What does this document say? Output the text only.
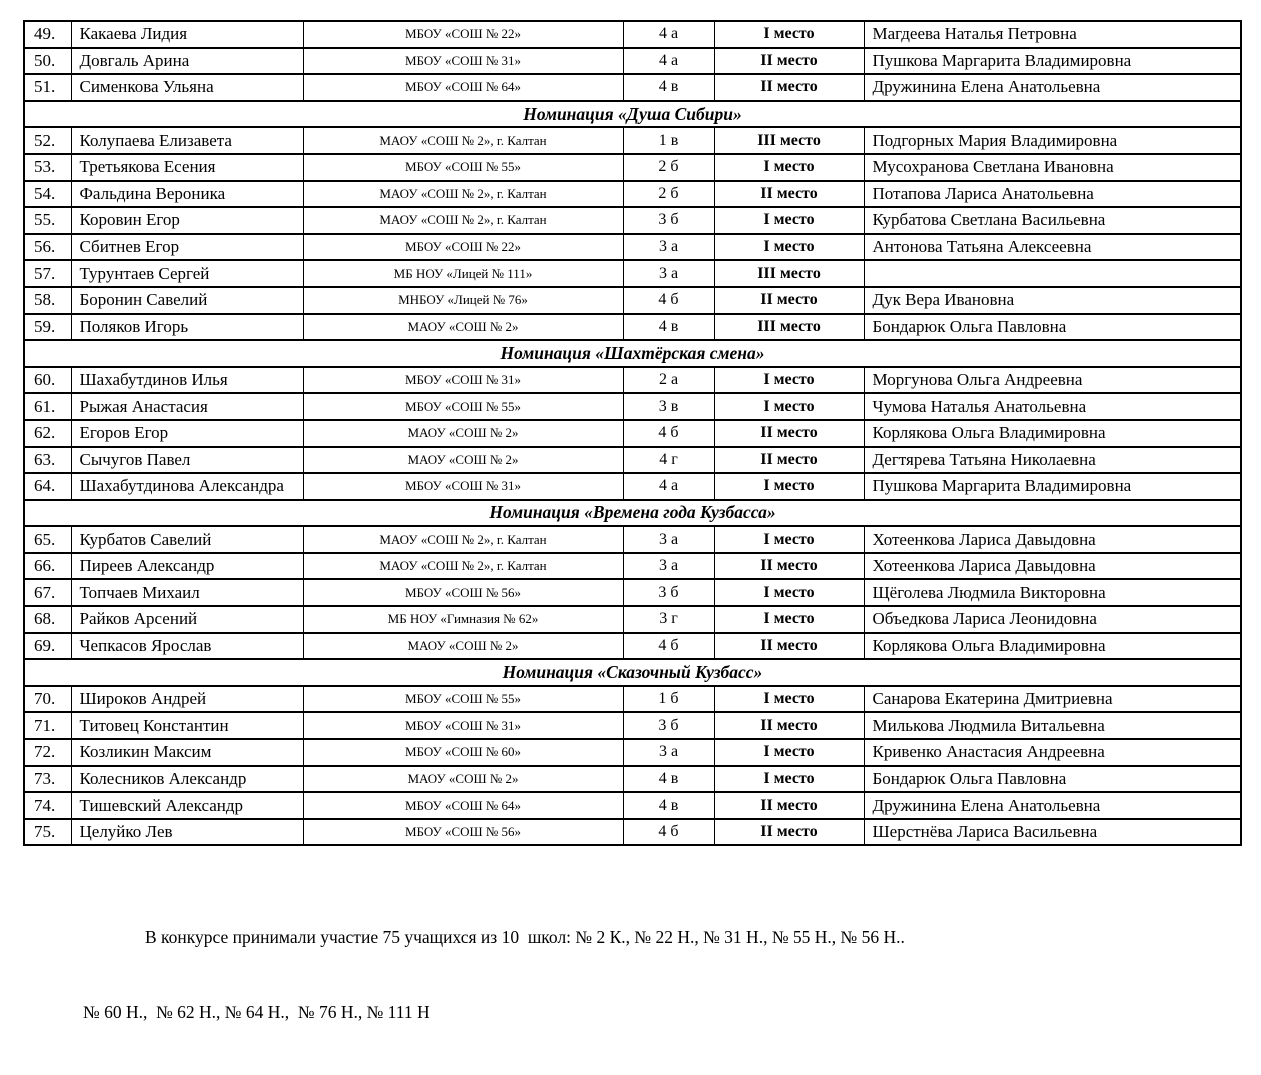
49.	Какаева Лидия	МБОУ «СОШ № 22»	4 а	I место	Магдеева Наталья Петровна
50.	Довгаль Арина	МБОУ «СОШ № 31»	4 а	II место	Пушкова Маргарита Владимировна
51.	Сименкова Ульяна	МБОУ «СОШ № 64»	4 в	II место	Дружинина Елена Анатольевна
Номинация «Душа Сибири»					
52.	Колупаева Елизавета	МАОУ «СОШ № 2», г. Калтан	1 в	III место	Подгорных Мария Владимировна
53.	Третьякова Есения	МБОУ «СОШ № 55»	2 б	I место	Мусохранова Светлана Ивановна
54.	Фальдина Вероника	МАОУ «СОШ № 2», г. Калтан	2 б	II место	Потапова Лариса Анатольевна
55.	Коровин Егор	МАОУ «СОШ № 2», г. Калтан	3 б	I место	Курбатова Светлана Васильевна
56.	Сбитнев Егор	МБОУ «СОШ № 22»	3 а	I место	Антонова Татьяна Алексеевна
57.	Турунтаев Сергей	МБ НОУ «Лицей № 111»	3 а	III место	
58.	Боронин Савелий	МНБОУ «Лицей № 76»	4 б	II место	Дук Вера Ивановна
59.	Поляков Игорь	МАОУ «СОШ № 2»	4 в	III место	Бондарюк Ольга Павловна
Номинация «Шахтёрская смена»					
60.	Шахабутдинов Илья	МБОУ «СОШ № 31»	2 а	I место	Моргунова Ольга Андреевна
61.	Рыжая Анастасия	МБОУ «СОШ № 55»	3 в	I место	Чумова Наталья Анатольевна
62.	Егоров Егор	МАОУ «СОШ № 2»	4 б	II место	Корлякова Ольга Владимировна
63.	Сычугов Павел	МАОУ «СОШ № 2»	4 г	II место	Дегтярева Татьяна Николаевна
64.	Шахабутдинова Александра	МБОУ «СОШ № 31»	4 а	I место	Пушкова Маргарита Владимировна
Номинация «Времена года Кузбасса»					
65.	Курбатов Савелий	МАОУ «СОШ № 2», г. Калтан	3 а	I место	Хотеенкова Лариса Давыдовна
66.	Пиреев Александр	МАОУ «СОШ № 2», г. Калтан	3 а	II место	Хотеенкова Лариса Давыдовна
67.	Топчаев Михаил	МБОУ «СОШ № 56»	3 б	I место	Щёголева Людмила Викторовна
68.	Райков Арсений	МБ НОУ «Гимназия № 62»	3 г	I место	Объедкова Лариса Леонидовна
69.	Чепкасов Ярослав	МАОУ «СОШ № 2»	4 б	II место	Корлякова Ольга Владимировна
Номинация «Сказочный Кузбасс»					
70.	Широков Андрей	МБОУ «СОШ № 55»	1 б	I место	Санарова Екатерина Дмитриевна
71.	Титовец Константин	МБОУ «СОШ № 31»	3 б	II место	Милькова Людмила Витальевна
72.	Козликин Максим	МБОУ «СОШ № 60»	3 а	I место	Кривенко Анастасия Андреевна
73.	Колесников Александр	МАОУ «СОШ № 2»	4 в	I место	Бондарюк Ольга Павловна
74.	Тишевский Александр	МБОУ «СОШ № 64»	4 в	II место	Дружинина Елена Анатольевна
75.	Целуйко Лев	МБОУ «СОШ № 56»	4 б	II место	Шерстнёва Лариса Васильевна

В конкурсе принимали участие 75 учащихся из 10  школ: № 2 К., № 22 Н., № 31 Н., № 55 Н., № 56 Н..

№ 60 Н.,  № 62 Н., № 64 Н.,  № 76 Н., № 111 Н
